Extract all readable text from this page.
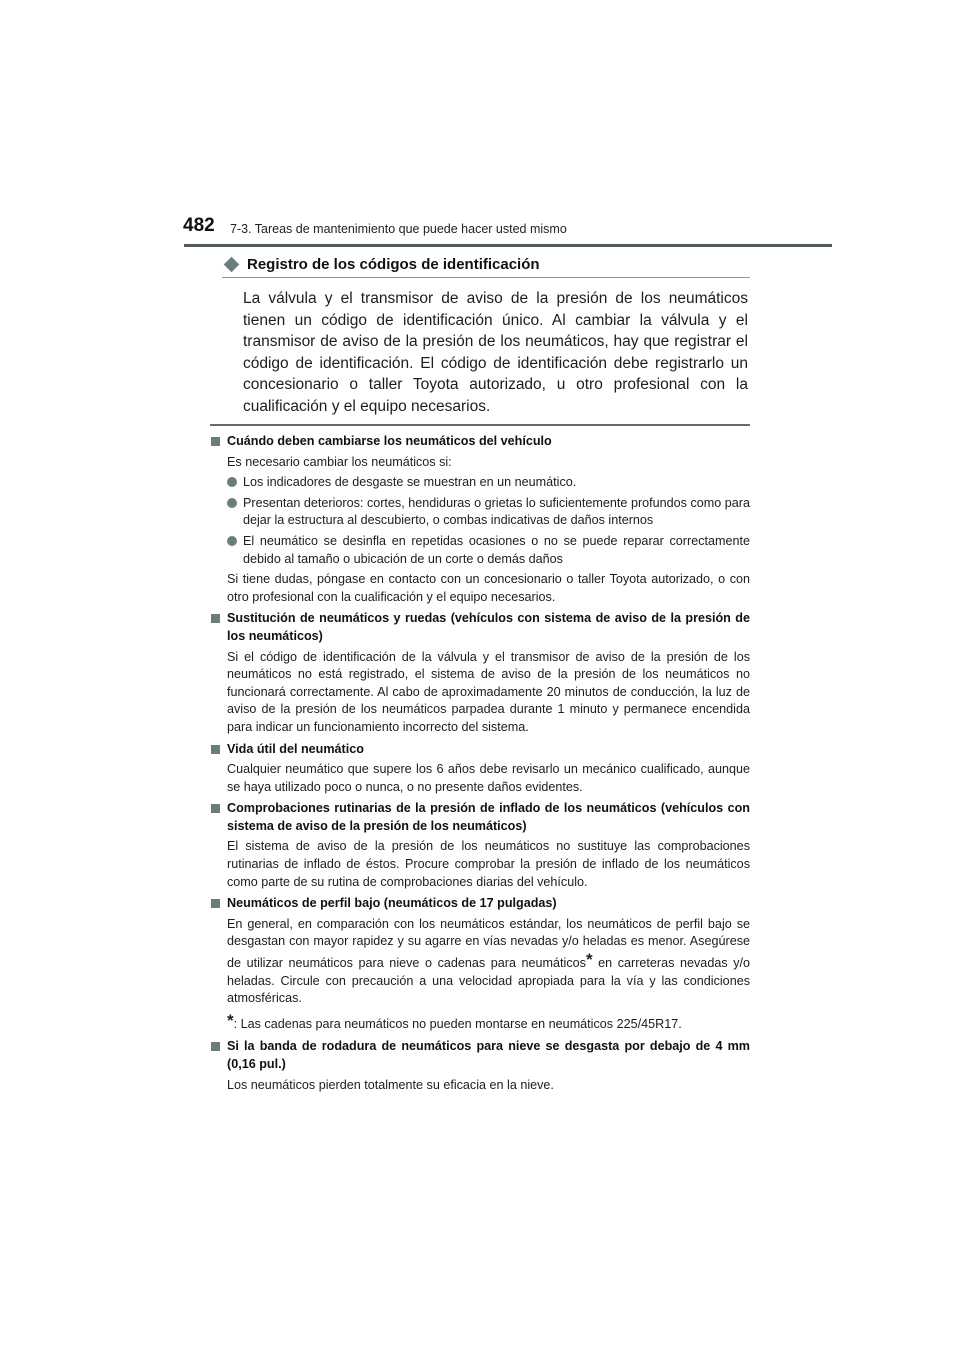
482 7-3. Tareas de mantenimiento que puede hacer usted mismo
Registro de los códigos de identificación
La válvula y el transmisor de aviso de la presión de los neumáticos tienen un código de identificación único. Al cambiar la válvula y el transmisor de aviso de la presión de los neumáticos, hay que registrar el código de identificación. El código de identificación debe registrarlo un concesionario o taller Toyota autorizado, u otro profesional con la cualificación y el equipo necesarios.
Cuándo deben cambiarse los neumáticos del vehículo
Es necesario cambiar los neumáticos si:
Los indicadores de desgaste se muestran en un neumático.
Presentan deterioros: cortes, hendiduras o grietas lo suficientemente profundos como para dejar la estructura al descubierto, o combas indicativas de daños internos
El neumático se desinfla en repetidas ocasiones o no se puede reparar correctamente debido al tamaño o ubicación de un corte o demás daños
Si tiene dudas, póngase en contacto con un concesionario o taller Toyota autorizado, o con otro profesional con la cualificación y el equipo necesarios.
Sustitución de neumáticos y ruedas (vehículos con sistema de aviso de la presión de los neumáticos)
Si el código de identificación de la válvula y el transmisor de aviso de la presión de los neumáticos no está registrado, el sistema de aviso de la presión de los neumáticos no funcionará correctamente. Al cabo de aproximadamente 20 minutos de conducción, la luz de aviso de la presión de los neumáticos parpadea durante 1 minuto y permanece encendida para indicar un funcionamiento incorrecto del sistema.
Vida útil del neumático
Cualquier neumático que supere los 6 años debe revisarlo un mecánico cualificado, aunque se haya utilizado poco o nunca, o no presente daños evidentes.
Comprobaciones rutinarias de la presión de inflado de los neumáticos (vehículos con sistema de aviso de la presión de los neumáticos)
El sistema de aviso de la presión de los neumáticos no sustituye las comprobaciones rutinarias de inflado de éstos. Procure comprobar la presión de inflado de los neumáticos como parte de su rutina de comprobaciones diarias del vehículo.
Neumáticos de perfil bajo (neumáticos de 17 pulgadas)
En general, en comparación con los neumáticos estándar, los neumáticos de perfil bajo se desgastan con mayor rapidez y su agarre en vías nevadas y/o heladas es menor. Asegúrese de utilizar neumáticos para nieve o cadenas para neumáticos* en carreteras nevadas y/o heladas. Circule con precaución a una velocidad apropiada para la vía y las condiciones atmosféricas.
*: Las cadenas para neumáticos no pueden montarse en neumáticos 225/45R17.
Si la banda de rodadura de neumáticos para nieve se desgasta por debajo de 4 mm (0,16 pul.)
Los neumáticos pierden totalmente su eficacia en la nieve.
